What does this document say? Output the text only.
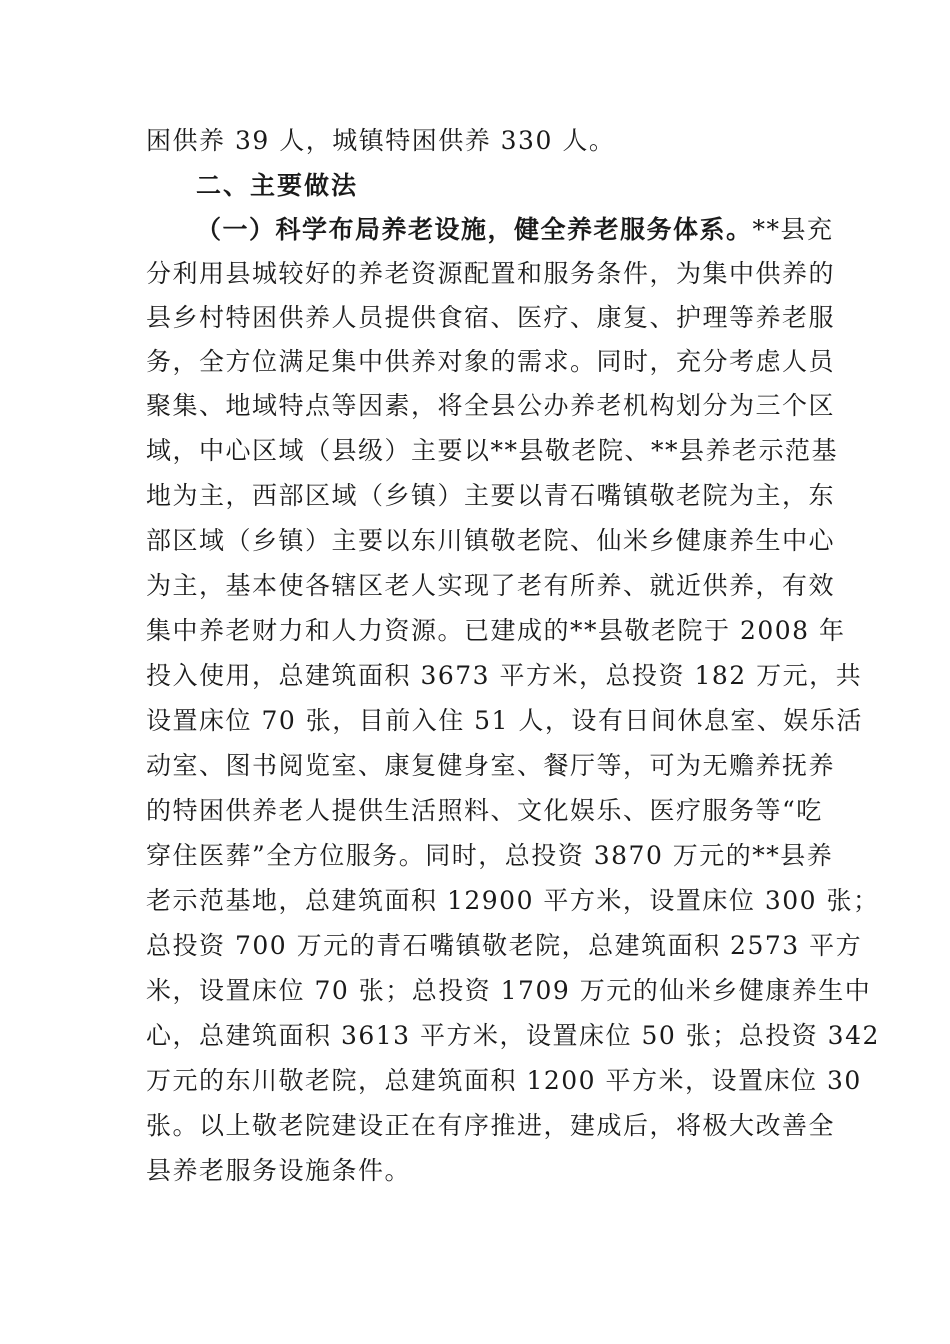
困供养 39 人，城镇特困供养 330 人。
二、主要做法
（一）科学布局养老设施，健全养老服务体系。**县充
分利用县城较好的养老资源配置和服务条件，为集中供养的
县乡村特困供养人员提供食宿、医疗、康复、护理等养老服
务，全方位满足集中供养对象的需求。同时，充分考虑人员
聚集、地域特点等因素，将全县公办养老机构划分为三个区
域，中心区域（县级）主要以**县敬老院、**县养老示范基
地为主，西部区域（乡镇）主要以青石嘴镇敬老院为主，东
部区域（乡镇）主要以东川镇敬老院、仙米乡健康养生中心
为主，基本使各辖区老人实现了老有所养、就近供养，有效
集中养老财力和人力资源。已建成的**县敬老院于 2008 年
投入使用，总建筑面积 3673 平方米，总投资 182 万元，共
设置床位 70 张，目前入住 51 人，设有日间休息室、娱乐活
动室、图书阅览室、康复健身室、餐厅等，可为无赡养抚养
的特困供养老人提供生活照料、文化娱乐、医疗服务等“吃
穿住医葬”全方位服务。同时，总投资 3870 万元的**县养
老示范基地，总建筑面积 12900 平方米，设置床位 300 张；
总投资 700 万元的青石嘴镇敬老院，总建筑面积 2573 平方
米，设置床位 70 张；总投资 1709 万元的仙米乡健康养生中
心，总建筑面积 3613 平方米，设置床位 50 张；总投资 342
万元的东川敬老院，总建筑面积 1200 平方米，设置床位 30
张。以上敬老院建设正在有序推进，建成后，将极大改善全
县养老服务设施条件。
